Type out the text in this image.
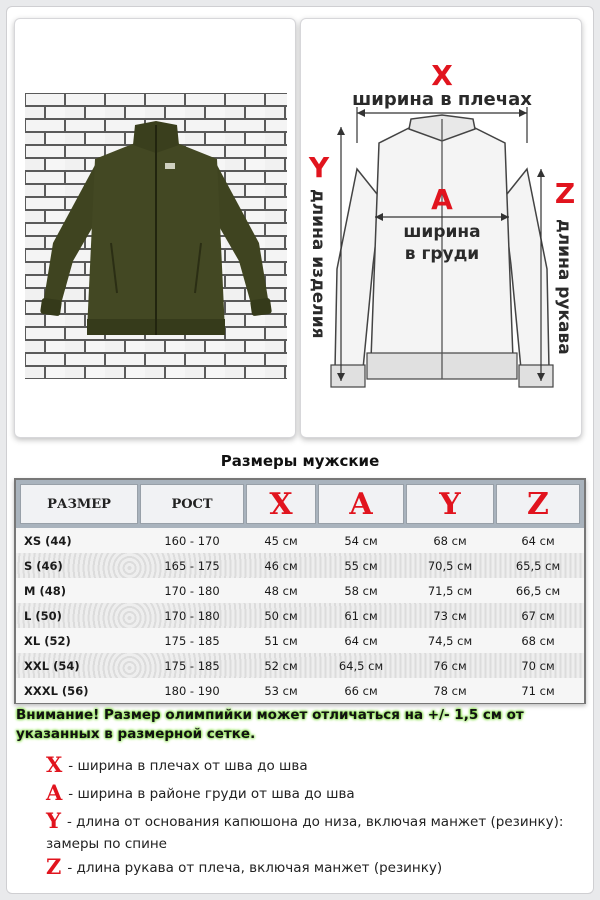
X
ширина в плечах
A
ширина
в груди
Y
длина изделия	Z
длина рукава
Размеры мужские
РАЗМЕР	РОСТ	X	A	Y	Z
XS (44)	160 - 170	45 см	54 см	68 см	64 см
S (46)	165 - 175	46 см	55 см	70,5 см	65,5 см
M (48)	170 - 180	48 см	58 см	71,5 см	66,5 см
L (50)	170 - 180	50 см	61 см	73 см	67 см
XL (52)	175 - 185	51 см	64 см	74,5 см	68 см
XXL (54)	175 - 185	52 см	64,5 см	76 см	70 см
XXXL (56)	180 - 190	53 см	66 см	78 см	71 см
Внимание! Размер олимпийки может отличаться на +/- 1,5 см от указанных в размерной сетке.
X - ширина в плечах от шва до шва
A - ширина в районе груди от шва до шва
Y - длина от основания капюшона до низа, включая манжет (резинку): замеры по спине
Z - длина рукава от плеча, включая манжет (резинку)
